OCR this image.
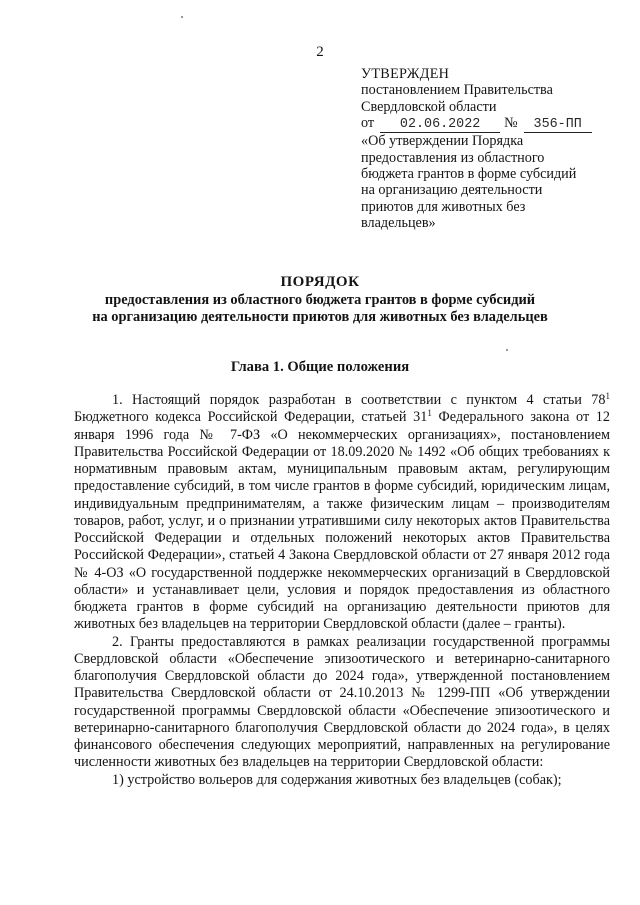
2
УТВЕРЖДЕН
постановлением Правительства
Свердловской области
от 02.06.2022 № 356-ПП
«Об утверждении Порядка
предоставления из областного
бюджета грантов в форме субсидий
на организацию деятельности
приютов для животных без
владельцев»
ПОРЯДОК
предоставления из областного бюджета грантов в форме субсидий
на организацию деятельности приютов для животных без владельцев
Глава 1. Общие положения

1. Настоящий порядок разработан в соответствии с пунктом 4 статьи $78^1$ Бюджетного кодекса Российской Федерации, статьей $31^1$ Федерального закона от 12 января 1996 года № 7-ФЗ «О некоммерческих организациях», постановлением Правительства Российской Федерации от 18.09.2020 № 1492 «Об общих требованиях к нормативным правовым актам, муниципальным правовым актам, регулирующим предоставление субсидий, в том числе грантов в форме субсидий, юридическим лицам, индивидуальным предпринимателям, а также физическим лицам – производителям товаров, работ, услуг, и о признании утратившими силу некоторых актов Правительства Российской Федерации и отдельных положений некоторых актов Правительства Российской Федерации», статьей 4 Закона Свердловской области от 27 января 2012 года № 4-ОЗ «О государственной поддержке некоммерческих организаций в Свердловской области» и устанавливает цели, условия и порядок предоставления из областного бюджета грантов в форме субсидий на организацию деятельности приютов для животных без владельцев на территории Свердловской области (далее – гранты).

2. Гранты предоставляются в рамках реализации государственной программы Свердловской области «Обеспечение эпизоотического и ветеринарно-санитарного благополучия Свердловской области до 2024 года», утвержденной постановлением Правительства Свердловской области от 24.10.2013 № 1299-ПП «Об утверждении государственной программы Свердловской области «Обеспечение эпизоотического и ветеринарно-санитарного благополучия Свердловской области до 2024 года», в целях финансового обеспечения следующих мероприятий, направленных на регулирование численности животных без владельцев на территории Свердловской области:

1) устройство вольеров для содержания животных без владельцев (собак);
